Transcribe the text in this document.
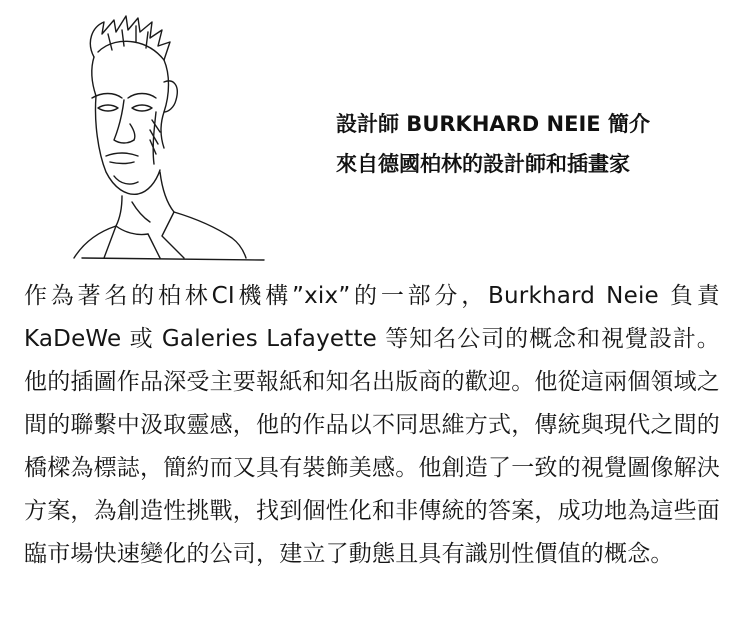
設計師 BURKHARD NEIE 簡介
來自德國柏林的設計師和插畫家
作為著名的柏林CI機構”xix”的一部分，Burkhard Neie 負責 KaDeWe 或 Galeries Lafayette 等知名公司的概念和視覺設計。他的插圖作品深受主要報紙和知名出版商的歡迎。他從這兩個領域之間的聯繫中汲取靈感，他的作品以不同思維方式，傳統與現代之間的橋樑為標誌，簡約而又具有裝飾美感。他創造了一致的視覺圖像解決方案，為創造性挑戰，找到個性化和非傳統的答案，成功地為這些面臨市場快速變化的公司，建立了動態且具有識別性價值的概念。
